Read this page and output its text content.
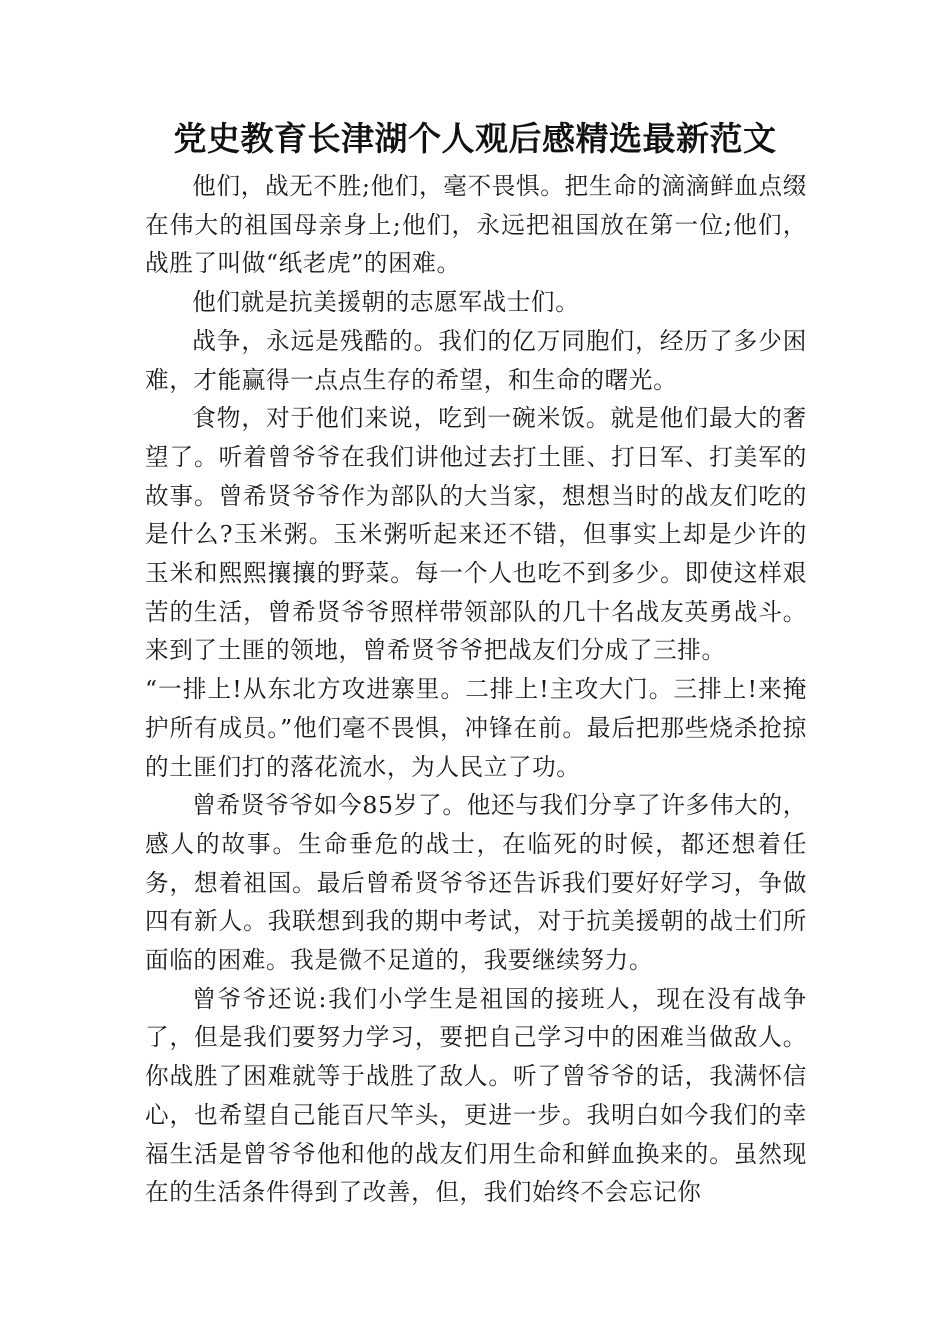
党史教育长津湖个人观后感精选最新范文

他们，战无不胜;他们，毫不畏惧。把生命的滴滴鲜血点缀在伟大的祖国母亲身上;他们，永远把祖国放在第一位;他们，战胜了叫做“纸老虎”的困难。

他们就是抗美援朝的志愿军战士们。

战争，永远是残酷的。我们的亿万同胞们，经历了多少困难，才能赢得一点点生存的希望，和生命的曙光。

食物，对于他们来说，吃到一碗米饭。就是他们最大的奢望了。听着曾爷爷在我们讲他过去打土匪、打日军、打美军的故事。曾希贤爷爷作为部队的大当家，想想当时的战友们吃的是什么?玉米粥。玉米粥听起来还不错，但事实上却是少许的玉米和熙熙攘攘的野菜。每一个人也吃不到多少。即使这样艰苦的生活，曾希贤爷爷照样带领部队的几十名战友英勇战斗。来到了土匪的领地，曾希贤爷爷把战友们分成了三排。

“一排上!从东北方攻进寨里。二排上!主攻大门。三排上!来掩护所有成员。”他们毫不畏惧，冲锋在前。最后把那些烧杀抢掠的土匪们打的落花流水，为人民立了功。

曾希贤爷爷如今85岁了。他还与我们分享了许多伟大的，感人的故事。生命垂危的战士，在临死的时候，都还想着任务，想着祖国。最后曾希贤爷爷还告诉我们要好好学习，争做四有新人。我联想到我的期中考试，对于抗美援朝的战士们所面临的困难。我是微不足道的，我要继续努力。

曾爷爷还说:我们小学生是祖国的接班人，现在没有战争了，但是我们要努力学习，要把自己学习中的困难当做敌人。你战胜了困难就等于战胜了敌人。听了曾爷爷的话，我满怀信心，也希望自己能百尺竿头，更进一步。我明白如今我们的幸福生活是曾爷爷他和他的战友们用生命和鲜血换来的。虽然现在的生活条件得到了改善，但，我们始终不会忘记你
